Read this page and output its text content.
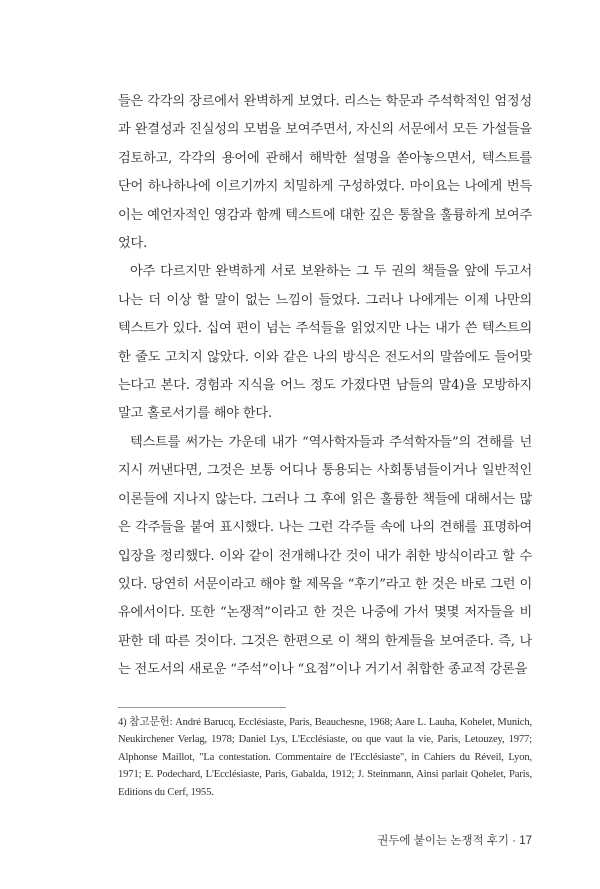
들은 각각의 장르에서 완벽하게 보였다. 리스는 학문과 주석학적인 엄정성과 완결성과 진실성의 모범을 보여주면서, 자신의 서문에서 모든 가설들을 검토하고, 각각의 용어에 관해서 해박한 설명을 쏟아놓으면서, 텍스트를 단어 하나하나에 이르기까지 치밀하게 구성하였다. 마이요는 나에게 번득이는 예언자적인 영감과 함께 텍스트에 대한 깊은 통찰을 훌륭하게 보여주었다.

아주 다르지만 완벽하게 서로 보완하는 그 두 권의 책들을 앞에 두고서 나는 더 이상 할 말이 없는 느낌이 들었다. 그러나 나에게는 이제 나만의 텍스트가 있다. 십여 편이 넘는 주석들을 읽었지만 나는 내가 쓴 텍스트의 한 줄도 고치지 않았다. 이와 같은 나의 방식은 전도서의 말씀에도 들어맞는다고 본다. 경험과 지식을 어느 정도 가졌다면 남들의 말4)을 모방하지 말고 홀로서기를 해야 한다.

텍스트를 써가는 가운데 내가 “역사학자들과 주석학자들”의 견해를 넌지시 꺼낸다면, 그것은 보통 어디나 통용되는 사회통념들이거나 일반적인 이론들에 지나지 않는다. 그러나 그 후에 읽은 훌륭한 책들에 대해서는 많은 각주들을 붙여 표시했다. 나는 그런 각주들 속에 나의 견해를 표명하여 입장을 정리했다. 이와 같이 전개해나간 것이 내가 취한 방식이라고 할 수 있다. 당연히 서문이라고 해야 할 제목을 “후기”라고 한 것은 바로 그런 이유에서이다. 또한 “논쟁적”이라고 한 것은 나중에 가서 몇몇 저자들을 비판한 데 따른 것이다. 그것은 한편으로 이 책의 한계들을 보여준다. 즉, 나는 전도서의 새로운 “주석”이나 “요점”이나 거기서 취합한 종교적 강론을

4) 참고문헌: André Barucq, Ecclésiaste, Paris, Beauchesne, 1968; Aare L. Lauha, Kohelet, Munich, Neukirchener Verlag, 1978; Daniel Lys, L'Ecclésiaste, ou que vaut la vie, Paris, Letouzey, 1977; Alphonse Maillot, "La contestation. Commentaire de l'Ecclésiaste", in Cahiers du Réveil, Lyon, 1971; E. Podechard, L'Ecclésiaste, Paris, Gabalda, 1912; J. Steinmann, Ainsi parlait Qohelet, Paris, Editions du Cerf, 1955.

권두에 붙이는 논쟁적 후기 · 17
